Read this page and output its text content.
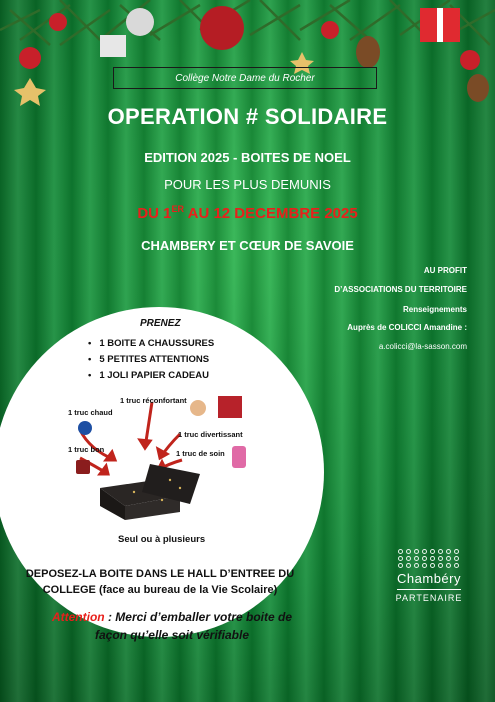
Collège Notre Dame du Rocher
OPERATION # SOLIDAIRE
EDITION 2025 - BOITES DE NOEL
POUR LES PLUS DEMUNIS
DU 1ER AU 12 DECEMBRE 2025
CHAMBERY ET CŒUR DE SAVOIE
AU PROFIT
D’ASSOCIATIONS DU TERRITOIRE
Renseignements
Auprès de COLICCI Amandine :
a.colicci@la-sasson.com
PRENEZ
• 1 BOITE A CHAUSSURES
• 5 PETITES ATTENTIONS
• 1 JOLI PAPIER CADEAU
1 truc réconfortant
1 truc chaud
1 truc divertissant
1 truc bon	1 truc de soin
Seul ou à plusieurs
DEPOSEZ-LA BOITE DANS LE HALL D’ENTREE DU
COLLEGE (face au bureau de la Vie Scolaire)
Attention : Merci d’emballer votre boite de
façon qu’elle soit vérifiable
Chambéry
PARTENAIRE
